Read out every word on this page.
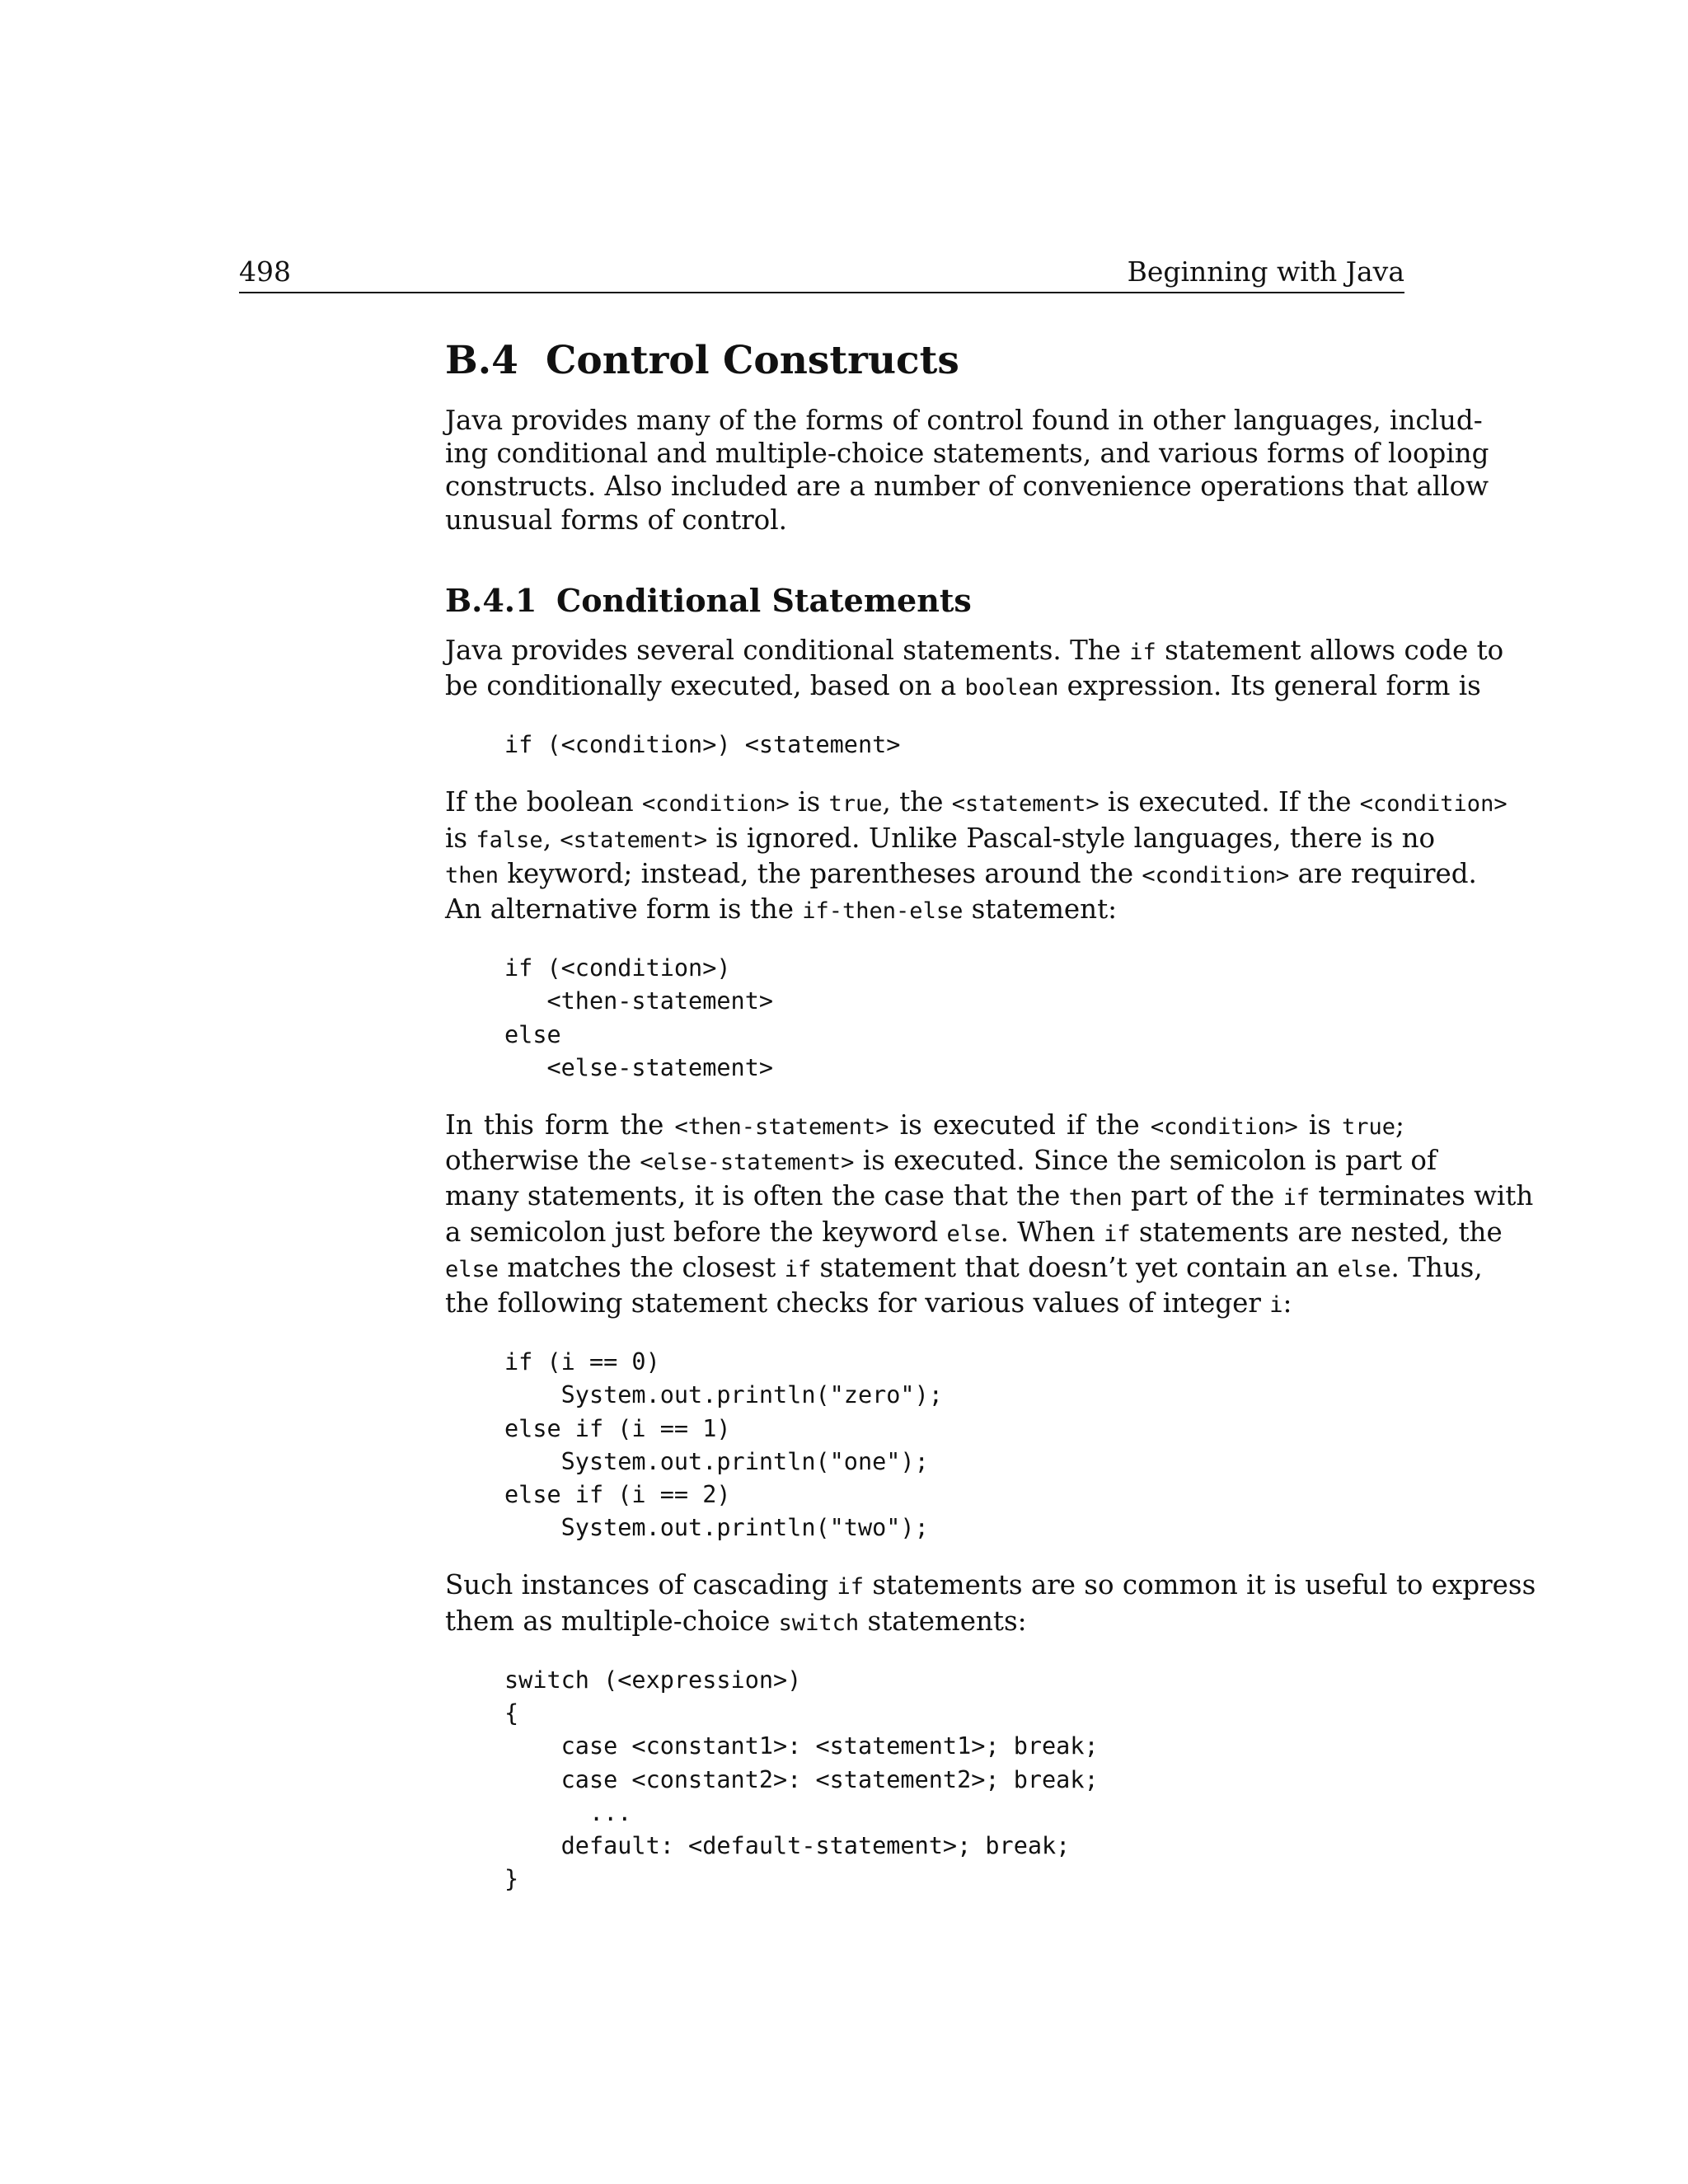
498	Beginning with Java
B.4 Control Constructs
Java provides many of the forms of control found in other languages, includ-
ing conditional and multiple-choice statements, and various forms of looping
constructs. Also included are a number of convenience operations that allow
unusual forms of control.
B.4.1 Conditional Statements
Java provides several conditional statements. The if statement allows code to
be conditionally executed, based on a boolean expression. Its general form is
if (<condition>) <statement>
If the boolean <condition> is true, the <statement> is executed. If the <condition>
is false, <statement> is ignored. Unlike Pascal-style languages, there is no
then keyword; instead, the parentheses around the <condition> are required.
An alternative form is the if-then-else statement:
if (<condition>)
<then-statement>
else
<else-statement>
In this form the <then-statement> is executed if the <condition> is true;
otherwise the <else-statement> is executed. Since the semicolon is part of
many statements, it is often the case that the then part of the if terminates with
a semicolon just before the keyword else. When if statements are nested, the
else matches the closest if statement that doesn’t yet contain an else. Thus,
the following statement checks for various values of integer i:
if (i == 0)
System.out.println("zero");
else if (i == 1)
System.out.println("one");
else if (i == 2)
System.out.println("two");
Such instances of cascading if statements are so common it is useful to express
them as multiple-choice switch statements:
switch (<expression>)
{
case <constant1>: <statement1>; break;
case <constant2>: <statement2>; break;
...
default: <default-statement>; break;
}
